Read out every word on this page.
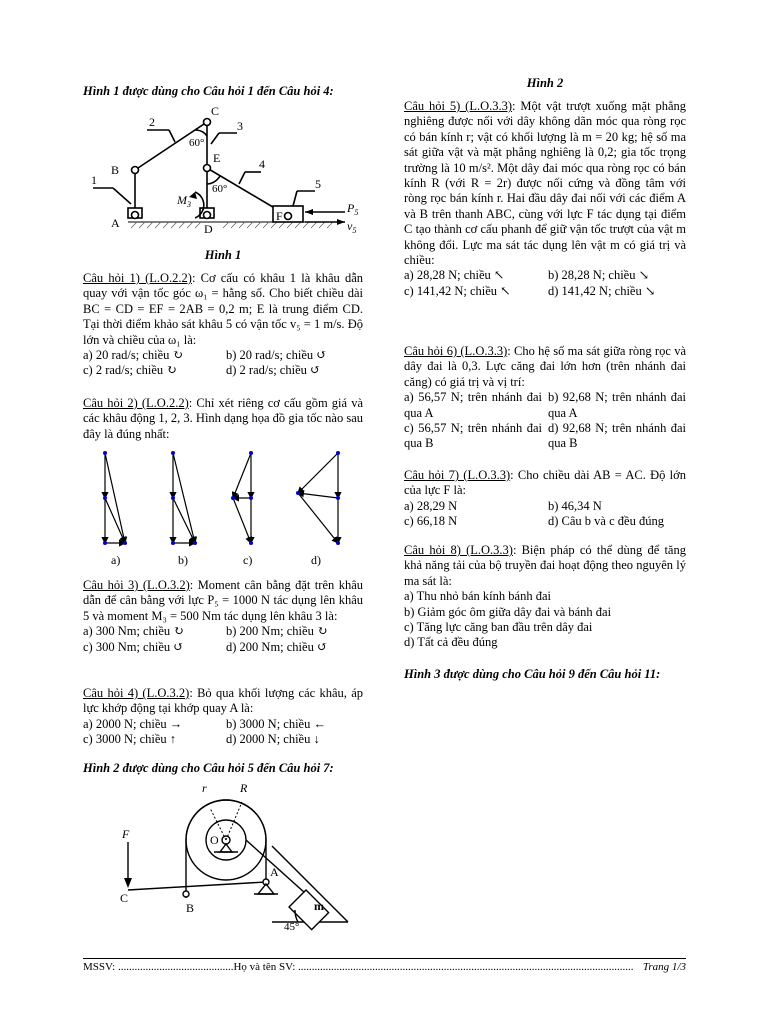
Hình 1 được dùng cho Câu hỏi 1 đến Câu hỏi 4:
C
B
A
E
D
F
1
2	3
4
5
60°
60°
$M_3$	$P_5$
$v_5$
Hình 1
Câu hỏi 1) (L.O.2.2): Cơ cấu có khâu 1 là khâu dẫn quay với vận tốc góc ω₁ = hằng số. Cho biết chiều dài BC = CD = EF = 2AB = 0,2 m; E là trung điểm CD. Tại thời điểm khảo sát khâu 5 có vận tốc v₅ = 1 m/s. Độ lớn và chiều của ω₁ là:
a) 20 rad/s; chiều ↻	b) 20 rad/s; chiều ↺
c) 2 rad/s; chiều ↻	d) 2 rad/s; chiều ↺
Câu hỏi 2) (L.O.2.2): Chỉ xét riêng cơ cấu gồm giá và các khâu động 1, 2, 3. Hình dạng họa đồ gia tốc nào sau đây là đúng nhất:
a)	b)	c)	d)
Câu hỏi 3) (L.O.3.2): Moment cân bằng đặt trên khâu dẫn để cân bằng với lực P₅ = 1000 N tác dụng lên khâu 5 và moment M₃ = 500 Nm tác dụng lên khâu 3 là:
a) 300 Nm; chiều ↻	b) 200 Nm; chiều ↻
c) 300 Nm; chiều ↺	d) 200 Nm; chiều ↺
Câu hỏi 4) (L.O.3.2): Bỏ qua khối lượng các khâu, áp lực khớp động tại khớp quay A là:
a) 2000 N; chiều →	b) 3000 N; chiều ←
c) 3000 N; chiều ↑	d) 2000 N; chiều ↓
Hình 2 được dùng cho Câu hỏi 5 đến Câu hỏi 7:
r	R
O
F
C
B
A
m
45°
Hình 2
Câu hỏi 5) (L.O.3.3): Một vật trượt xuống mặt phẳng nghiêng được nối với dây không dãn móc qua ròng rọc có bán kính r; vật có khối lượng là m = 20 kg; hệ số ma sát giữa vật và mặt phẳng nghiêng là 0,2; gia tốc trọng trường là 10 m/s². Một dây đai móc qua ròng rọc có bán kính R (với R = 2r) được nối cứng và đồng tâm với ròng rọc bán kính r. Hai đầu dây đai nối với các điểm A và B trên thanh ABC, cùng với lực F tác dụng tại điểm C tạo thành cơ cấu phanh để giữ vận tốc trượt của vật m không đổi. Lực ma sát tác dụng lên vật m có giá trị và chiều:
a) 28,28 N; chiều ↖	b) 28,28 N; chiều ↘
c) 141,42 N; chiều ↖	d) 141,42 N; chiều ↘
Câu hỏi 6) (L.O.3.3): Cho hệ số ma sát giữa ròng rọc và dây đai là 0,3. Lực căng đai lớn hơn (trên nhánh đai căng) có giá trị và vị trí:
a) 56,57 N; trên nhánh đai qua A
b) 92,68 N; trên nhánh đai qua A
c) 56,57 N; trên nhánh đai qua B
d) 92,68 N; trên nhánh đai qua B
Câu hỏi 7) (L.O.3.3): Cho chiều dài AB = AC. Độ lớn của lực F là:
a) 28,29 N	b) 46,34 N
c) 66,18 N	d) Câu b và c đều đúng
Câu hỏi 8) (L.O.3.3): Biện pháp có thể dùng để tăng khả năng tải của bộ truyền đai hoạt động theo nguyên lý ma sát là:
a) Thu nhỏ bán kính bánh đai
b) Giảm góc ôm giữa dây đai và bánh đai
c) Tăng lực căng ban đầu trên dây đai
d) Tất cả đều đúng
Hình 3 được dùng cho Câu hỏi 9 đến Câu hỏi 11:
MSSV: ..........................................Họ và tên SV: .......................................................................................................................... Trang 1/3
